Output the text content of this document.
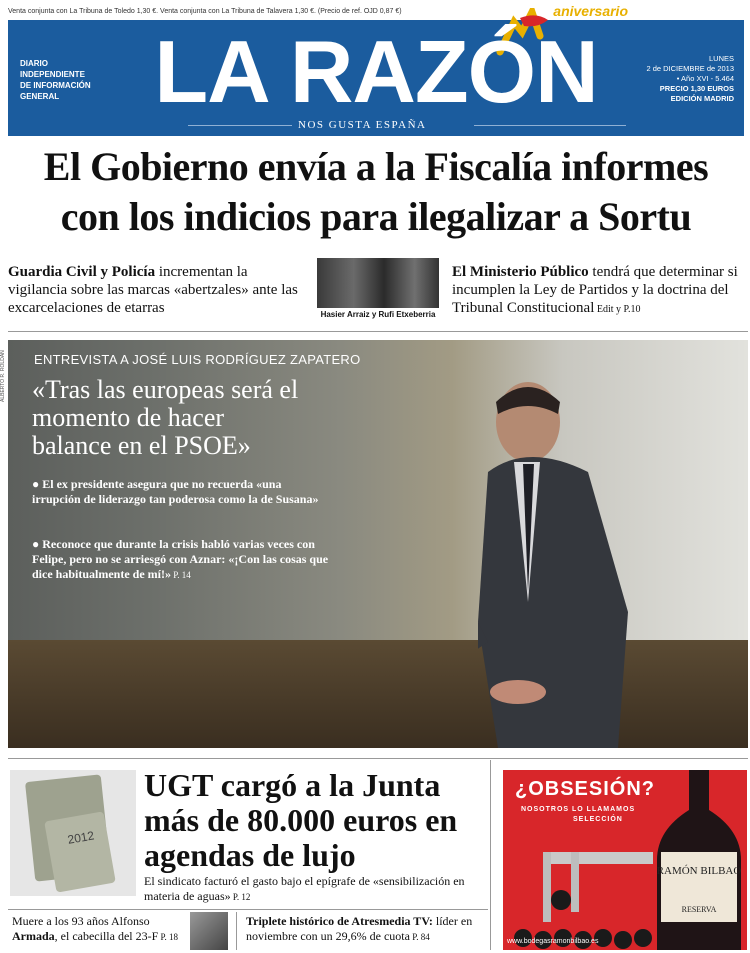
Venta conjunta con La Tribuna de Toledo 1,30 €. Venta conjunta con La Tribuna de Talavera 1,30 €. (Precio de ref. OJD 0,87 €)	aniversario
DIARIO
INDEPENDIENTE
DE INFORMACIÓN
GENERAL	LA RAZÓN
NOS GUSTA ESPAÑA
LUNES
2 de DICIEMBRE de 2013
• Año XVI - 5.464
PRECIO 1,30 EUROS
EDICIÓN MADRID
El Gobierno envía a la Fiscalía informes
con los indicios para ilegalizar a Sortu
Guardia Civil y Policía incrementan la vigilancia sobre las marcas «abertzales» ante las excarcelaciones de etarras	Hasier Arraiz y Rufi Etxeberria
El Ministerio Público tendrá que determinar si incumplen la Ley de Partidos y la doctrina del Tribunal Constitucional Edit y P.10
ALBERTO R. ROLDÁN ENTREVISTA A JOSÉ LUIS RODRÍGUEZ ZAPATERO
«Tras las europeas será el momento de hacer balance en el PSOE»
● El ex presidente asegura que no recuerda «una irrupción de liderazgo tan poderosa como la de Susana»
● Reconoce que durante la crisis habló varias veces con Felipe, pero no se arriesgó con Aznar: «¡Con las cosas que dice habitualmente de mí!» P. 14
2012
UGT cargó a la Junta más de 80.000 euros en agendas de lujo
El sindicato facturó el gasto bajo el epígrafe de «sensibilización en materia de aguas» P. 12
¿OBSESIÓN?
NOSOTROS LO LLAMAMOS
SELECCIÓN
RAMÓN BILBAO
RESERVA
www.bodegasramonbilbao.es
Muere a los 93 años Alfonso Armada, el cabecilla del 23-F P. 18
Triplete histórico de Atresmedia TV: líder en noviembre con un 29,6% de cuota P. 84
